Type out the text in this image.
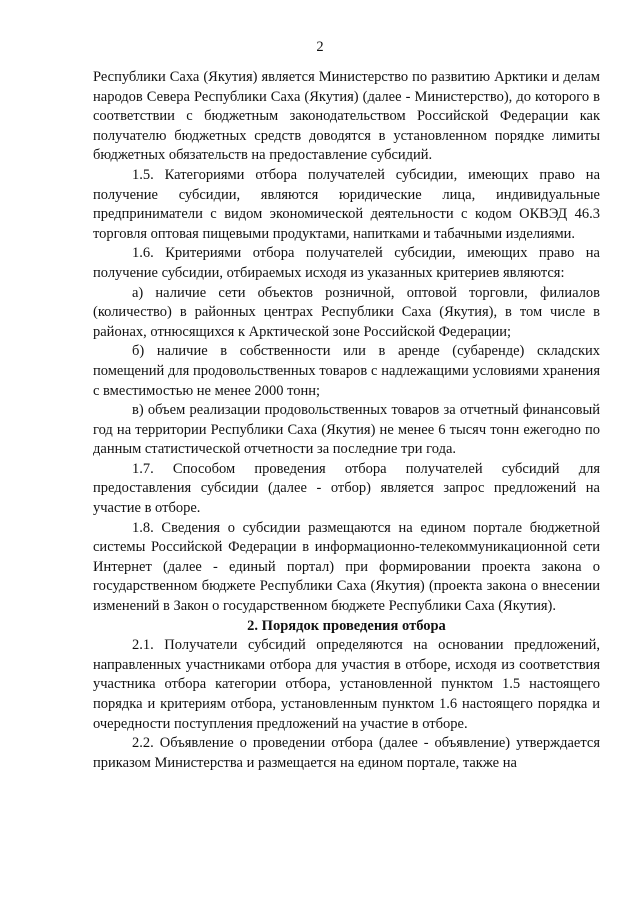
2

Республики Саха (Якутия) является Министерство по развитию Арктики и делам народов Севера Республики Саха (Якутия) (далее - Министерство), до которого в соответствии с бюджетным законодательством Российской Федерации как получателю бюджетных средств доводятся в установленном порядке лимиты бюджетных обязательств на предоставление субсидий.

1.5. Категориями отбора получателей субсидии, имеющих право на получение субсидии, являются юридические лица, индивидуальные предприниматели с видом экономической деятельности с кодом ОКВЭД 46.3 торговля оптовая пищевыми продуктами, напитками и табачными изделиями.

1.6. Критериями отбора получателей субсидии, имеющих право на получение субсидии, отбираемых исходя из указанных критериев являются:

а) наличие сети объектов розничной, оптовой торговли, филиалов (количество) в районных центрах Республики Саха (Якутия), в том числе в районах, отнюсящихся к Арктической зоне Российской Федерации;

б) наличие в собственности или в аренде (субаренде) складских помещений для продовольственных товаров с надлежащими условиями хранения с вместимостью не менее 2000 тонн;

в) объем реализации продовольственных товаров за отчетный финансовый год на территории Республики Саха (Якутия) не менее 6 тысяч тонн ежегодно по данным статистической отчетности за последние три года.

1.7. Способом проведения отбора получателей субсидий для предоставления субсидии (далее - отбор) является запрос предложений на участие в отборе.

1.8. Сведения о субсидии размещаются на едином портале бюджетной системы Российской Федерации в информационно-телекоммуникационной сети Интернет (далее - единый портал) при формировании проекта закона о государственном бюджете Республики Саха (Якутия) (проекта закона о внесении изменений в Закон о государственном бюджете Республики Саха (Якутия).

2. Порядок проведения отбора

2.1. Получатели субсидий определяются на основании предложений, направленных участниками отбора для участия в отборе, исходя из соответствия участника отбора категории отбора, установленной пунктом 1.5 настоящего порядка и критериям отбора, установленным пунктом 1.6 настоящего порядка и очередности поступления предложений на участие в отборе.

2.2. Объявление о проведении отбора (далее - объявление) утверждается приказом Министерства и размещается на едином портале, также на
